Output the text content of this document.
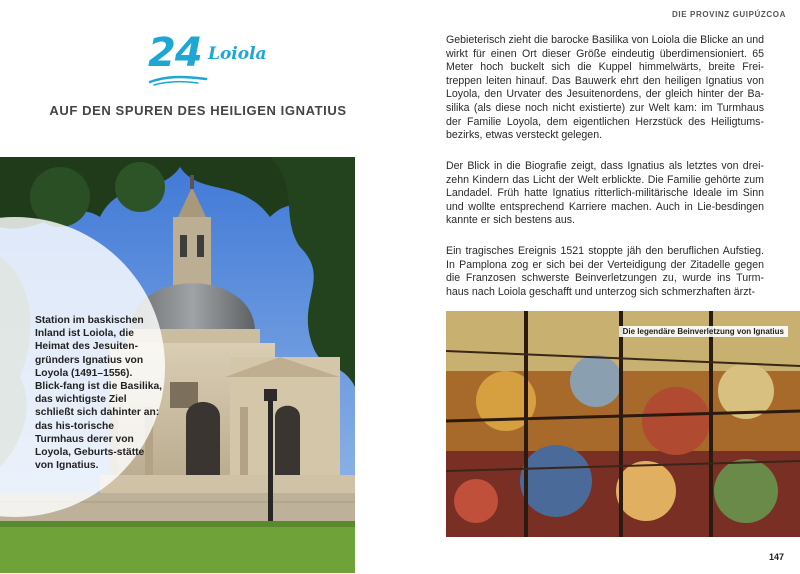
DIE PROVINZ GUIPÚZCOA
24 Loiola
AUF DEN SPUREN DES HEILIGEN IGNATIUS
Station im baskischen Inland ist Loiola, die Heimat des Jesuiten-gründers Ignatius von Loyola (1491–1556). Blick-fang ist die Basilika, das wichtigste Ziel schließt sich dahinter an: das his-torische Turmhaus derer von Loyola, Geburts-stätte von Ignatius.

Gebieterisch zieht die barocke Basilika von Loiola die Blicke an und wirkt für einen Ort dieser Größe eindeutig überdimensioniert. 65 Meter hoch buckelt sich die Kuppel himmelwärts, breite Frei-treppen leiten hinauf. Das Bauwerk ehrt den heiligen Ignatius von Loyola, den Urvater des Jesuitenordens, der gleich hinter der Ba-silika (als diese noch nicht existierte) zur Welt kam: im Turmhaus der Familie Loyola, dem eigentlichen Herzstück des Heiligtums-bezirks, etwas versteckt gelegen.

Der Blick in die Biografie zeigt, dass Ignatius als letztes von drei-zehn Kindern das Licht der Welt erblickte. Die Familie gehörte zum Landadel. Früh hatte Ignatius ritterlich-militärische Ideale im Sinn und wollte entsprechend Karriere machen. Auch in Lie-besdingen kannte er sich bestens aus.

Ein tragisches Ereignis 1521 stoppte jäh den beruflichen Aufstieg. In Pamplona zog er sich bei der Verteidigung der Zitadelle gegen die Franzosen schwerste Beinverletzungen zu, wurde ins Turm-haus nach Loiola geschafft und unterzog sich schmerzhaften ärzt-

Die legendäre Beinverletzung von Ignatius
147
